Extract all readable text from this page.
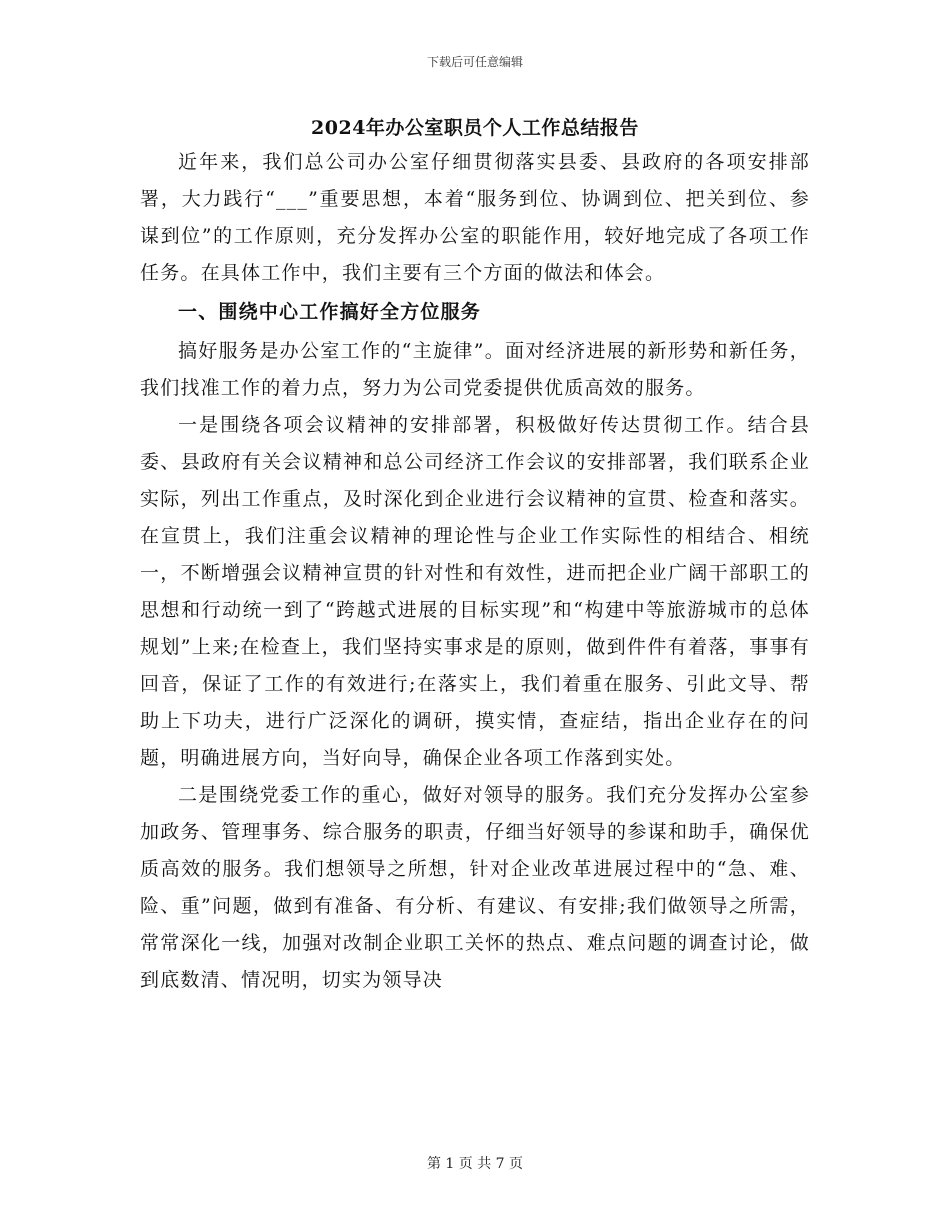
下载后可任意编辑
2024年办公室职员个人工作总结报告

近年来，我们总公司办公室仔细贯彻落实县委、县政府的各项安排部署，大力践行“___”重要思想，本着“服务到位、协调到位、把关到位、参谋到位”的工作原则，充分发挥办公室的职能作用，较好地完成了各项工作任务。在具体工作中，我们主要有三个方面的做法和体会。

一、围绕中心工作搞好全方位服务

搞好服务是办公室工作的“主旋律”。面对经济进展的新形势和新任务，我们找准工作的着力点，努力为公司党委提供优质高效的服务。

一是围绕各项会议精神的安排部署，积极做好传达贯彻工作。结合县委、县政府有关会议精神和总公司经济工作会议的安排部署，我们联系企业实际，列出工作重点，及时深化到企业进行会议精神的宣贯、检查和落实。在宣贯上，我们注重会议精神的理论性与企业工作实际性的相结合、相统一，不断增强会议精神宣贯的针对性和有效性，进而把企业广阔干部职工的思想和行动统一到了“跨越式进展的目标实现”和“构建中等旅游城市的总体规划”上来;在检查上，我们坚持实事求是的原则，做到件件有着落，事事有回音，保证了工作的有效进行;在落实上，我们着重在服务、引此文导、帮助上下功夫，进行广泛深化的调研，摸实情，查症结，指出企业存在的问题，明确进展方向，当好向导，确保企业各项工作落到实处。

二是围绕党委工作的重心，做好对领导的服务。我们充分发挥办公室参加政务、管理事务、综合服务的职责，仔细当好领导的参谋和助手，确保优质高效的服务。我们想领导之所想，针对企业改革进展过程中的“急、难、险、重”问题，做到有准备、有分析、有建议、有安排;我们做领导之所需，常常深化一线，加强对改制企业职工关怀的热点、难点问题的调查讨论，做到底数清、情况明，切实为领导决

第 1 页 共 7 页
